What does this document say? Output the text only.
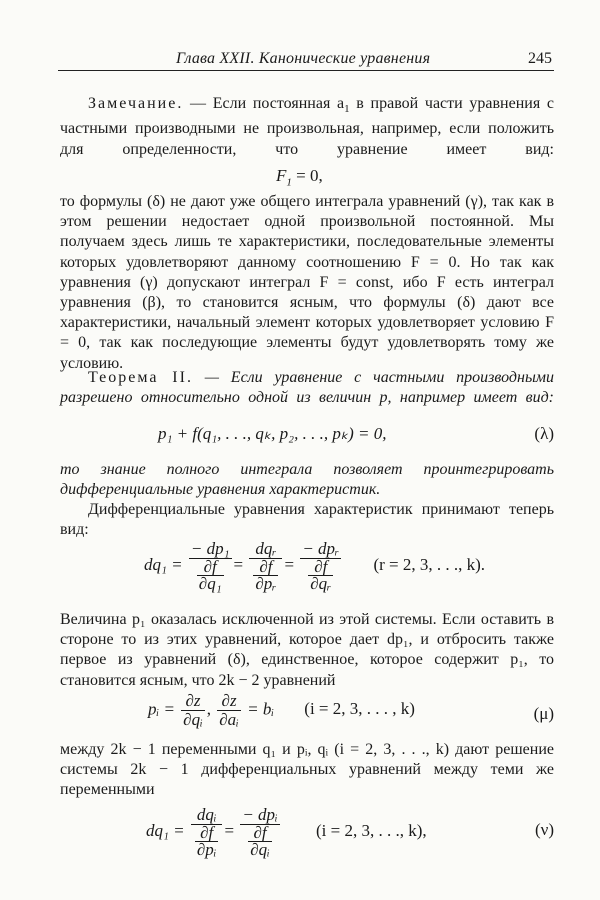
Глава XXII. Канонические уравнения	245
Замечание. — Если постоянная $a_1$ в правой части уравнения с частными производными не произвольная, например, если положить для определенности, что уравнение имеет вид:
$F_1 = 0$,
то формулы (δ) не дают уже общего интеграла уравнений (γ), так как в этом решении недостает одной произвольной постоянной. Мы получаем здесь лишь те характеристики, последовательные элементы которых удовлетворяют данному соотношению F = 0. Но так как уравнения (γ) допускают интеграл F = const, ибо F есть интеграл уравнения (β), то становится ясным, что формулы (δ) дают все характеристики, начальный элемент которых удовлетворяет условию F = 0, так как последующие элементы будут удовлетворять тому же условию.
Теорема II. — Если уравнение с частными производными разрешено относительно одной из величин p, например имеет вид:
p₁ + f(q₁, . . ., qₖ, p₂, . . ., pₖ) = 0,	(λ)
то знание полного интеграла позволяет проинтегрировать дифференциальные уравнения характеристик.
Дифференциальные уравнения характеристик принимают теперь вид:
$dq_1 = \frac{\text{− dp₁}}{\frac{\partial f}{\text{∂q₁}}} = \frac{\text{dqᵣ}}{\frac{\partial f}{\text{∂pᵣ}}} = \frac{\text{− dpᵣ}}{\frac{\partial f}{\text{∂qᵣ}}} (r = 2$, 3, . . ., k).
Величина p₁ оказалась исключенной из этой системы. Если оставить в стороне то из этих уравнений, которое дает dp₁, и отбросить также первое из уравнений (δ), единственное, которое содержит p₁, то становится ясным, что 2k − 2 уравнений
pᵢ = $\frac{\partial z}{\text{∂qᵢ}}$ , $\frac{\partial z}{\text{∂aᵢ}}$ = bᵢ (i = 2, 3, . . . , k)	(μ)
между 2k − 1 переменными q₁ и pᵢ, qᵢ (i = 2, 3, . . ., k) дают решение системы 2k − 1 дифференциальных уравнений между теми же переменными
$dq_1 = \frac{\text{dqᵢ}}{\frac{\partial f}{\text{∂pᵢ}}} = \frac{\text{− dpᵢ}}{\frac{\partial f}{\text{∂qᵢ}}} (i = 2$, 3, . . ., k),	(ν)
